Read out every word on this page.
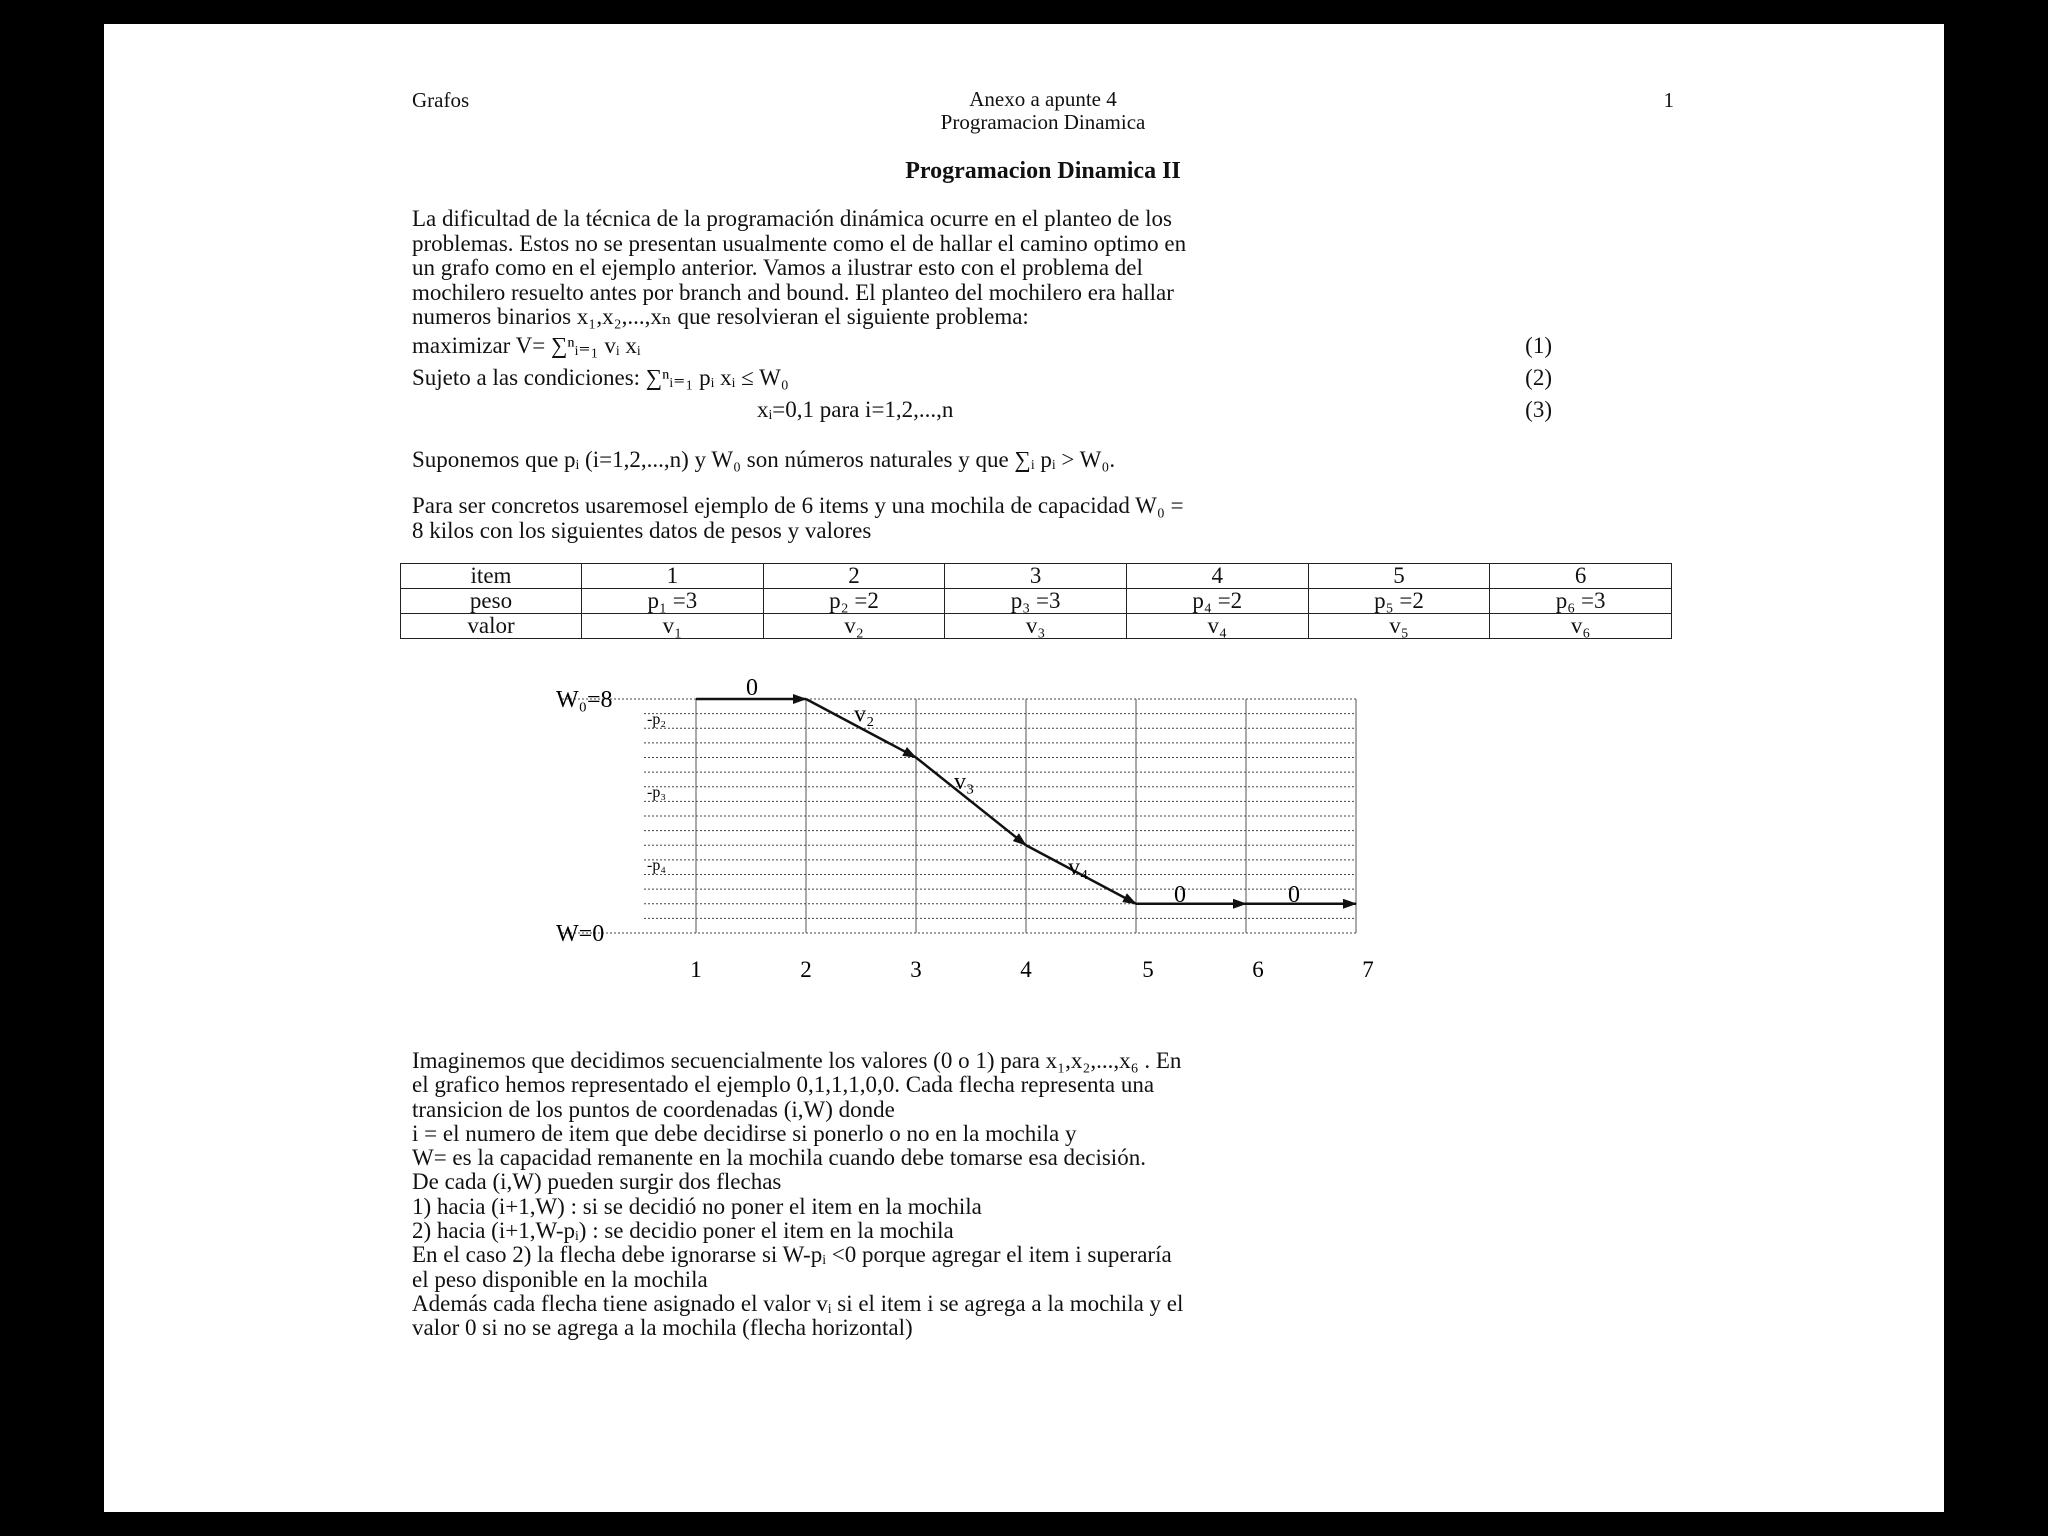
Grafos	Anexo a apunte 4
Programacion Dinamica
1
Programacion Dinamica II

La dificultad de la técnica de la programación dinámica ocurre en el planteo de los

problemas. Estos no se presentan usualmente como el de hallar el camino optimo en

un grafo como en el ejemplo anterior. Vamos a ilustrar esto con el problema del

mochilero resuelto antes por branch and bound. El planteo del mochilero era hallar

numeros binarios x₁,x₂,...,xₙ que resolvieran el siguiente problema:

maximizar V= ∑ⁿᵢ₌₁ vᵢ xᵢ	(1)
Sujeto a las condiciones: ∑ⁿᵢ₌₁ pᵢ xᵢ ≤ W₀	(2)
xᵢ=0,1 para i=1,2,...,n	(3)

Suponemos que pᵢ (i=1,2,...,n) y W₀ son números naturales y que ∑ᵢ pᵢ > W₀.

Para ser concretos usaremosel ejemplo de 6 items y una mochila de capacidad W₀ =

8 kilos con los siguientes datos de pesos y valores

item	1	2	3	4	5	6
peso	p₁ =3	p₂ =2	p₃ =3	p₄ =2	p₅ =2	p₆ =3
valor	v₁	v₂	v₃	v₄	v₅	v₆
W₀=8
W=0
-p₂
-p₃
-p₄
1	2	3	4	5	6	7
0
v₂
v₃
v₄
0	0

Imaginemos que decidimos secuencialmente los valores (0 o 1) para x₁,x₂,...,x₆ . En

el grafico hemos representado el ejemplo 0,1,1,1,0,0. Cada flecha representa una

transicion de los puntos de coordenadas (i,W) donde

i = el numero de item que debe decidirse si ponerlo o no en la mochila y

W= es la capacidad remanente en la mochila cuando debe tomarse esa decisión.

De cada (i,W) pueden surgir dos flechas

1) hacia (i+1,W) : si se decidió no poner el item en la mochila

2) hacia (i+1,W-pᵢ) : se decidio poner el item en la mochila

En el caso 2) la flecha debe ignorarse si W-pᵢ <0 porque agregar el item i superaría

el peso disponible en la mochila

Además cada flecha tiene asignado el valor vᵢ si el item i se agrega a la mochila y el

valor 0 si no se agrega a la mochila (flecha horizontal)
